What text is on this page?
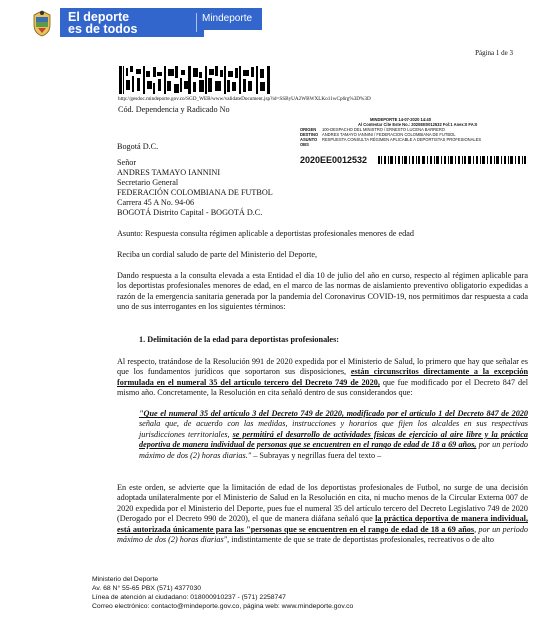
El deporte
es de todos
Mindeporte
Página 1 de 3
http://gesdoc.mindeporte.gov.co/SGD_WEB/www/validateDocument.jsp?id=SSByUA2WBWXLKo11wCp6rg%3D%3D
Cód. Dependencia y Radicado No
MINDEPORTE 14-07-2020 14:40
Al Contestar Cite Este No.: 2020EE0012532 Fol:1 Anex:0 FA:0
ORIGEN	100-DESPACHO DEL MINISTRO / ERNESTO LUCENA BARRERO
DESTINO ANDRES TAMAYO IANNINI / FEDERACION COLOMBIANA DE FUTBOL
ASUNTO	RESPUESTA CONSULTA RÉGIMEN APLICABLE A DEPORTISTAS PROFESIONALES
OBS
2020EE0012532
Bogotá D.C.
Señor
ANDRES TAMAYO IANNINI
Secretario General
FEDERACIÓN COLOMBIANA DE FUTBOL
Carrera 45 A No. 94-06
BOGOTÁ Distrito Capital - BOGOTÁ D.C.
Asunto: Respuesta consulta régimen aplicable a deportistas profesionales menores de edad
Reciba un cordial saludo de parte del Ministerio del Deporte,
Dando respuesta a la consulta elevada a esta Entidad el día 10 de julio del año en curso, respecto al régimen aplicable para los deportistas profesionales menores de edad, en el marco de las normas de aislamiento preventivo obligatorio expedidas a razón de la emergencia sanitaria generada por la pandemia del Coronavirus COVID-19, nos permitimos dar respuesta a cada uno de sus interrogantes en los siguientes términos:
1. Delimitación de la edad para deportistas profesionales:
Al respecto, tratándose de la Resolución 991 de 2020 expedida por el Ministerio de Salud, lo primero que hay que señalar es que los fundamentos jurídicos que soportaron sus disposiciones, están circunscritos directamente a la excepción formulada en el numeral 35 del artículo tercero del Decreto 749 de 2020, que fue modificado por el Decreto 847 del mismo año. Concretamente, la Resolución en cita señaló dentro de sus considerandos que:
"Que el numeral 35 del artículo 3 del Decreto 749 de 2020, modificado por el artículo 1 del Decreto 847 de 2020 señala que, de acuerdo con las medidas, instrucciones y horarios que fijen los alcaldes en sus respectivas jurisdicciones territoriales, se permitirá el desarrollo de actividades físicas de ejercicio al aire libre y la práctica deportiva de manera individual de personas que se encuentren en el rango de edad de 18 a 69 años, por un periodo máximo de dos (2) horas diarias." – Subrayas y negrillas fuera del texto –
En este orden, se advierte que la limitación de edad de los deportistas profesionales de Futbol, no surge de una decisión adoptada unilateralmente por el Ministerio de Salud en la Resolución en cita, ni mucho menos de la Circular Externa 007 de 2020 expedida por el Ministerio del Deporte, pues fue el numeral 35 del artículo tercero del Decreto Legislativo 749 de 2020 (Derogado por el Decreto 990 de 2020), el que de manera diáfana señaló que la práctica deportiva de manera individual, está autorizada únicamente para las "personas que se encuentren en el rango de edad de 18 a 69 años, por un periodo máximo de dos (2) horas diarias", indistintamente de que se trate de deportistas profesionales, recreativos o de alto
Ministerio del Deporte
Av. 68 N° 55-65 PBX (571) 4377030
Línea de atención al ciudadano: 018000910237 - (571) 2258747
Correo electrónico: contacto@mindeporte.gov.co, página web: www.mindeporte.gov.co
